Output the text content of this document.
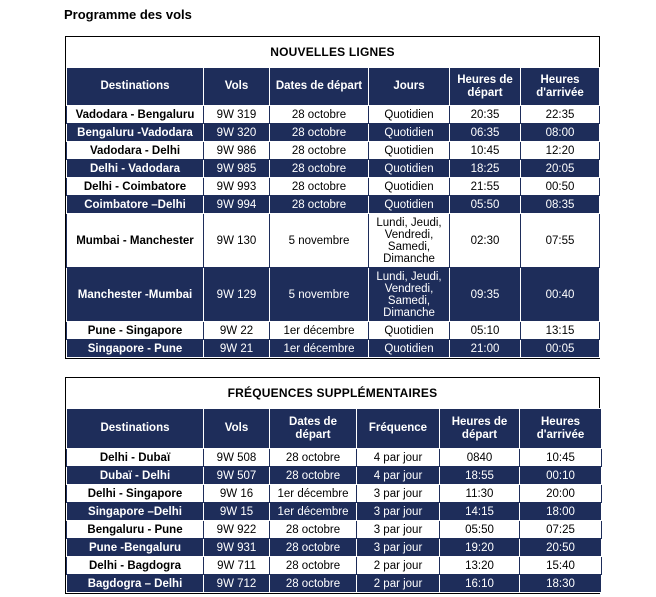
Programme des vols
NOUVELLES LIGNES
Destinations	Vols	Dates de départ	Jours	Heures de départ	Heures d'arrivée
Vadodara - Bengaluru	9W 319	28 octobre	Quotidien	20:35	22:35
Bengaluru -Vadodara	9W 320	28 octobre	Quotidien	06:35	08:00
Vadodara - Delhi	9W 986	28 octobre	Quotidien	10:45	12:20
Delhi - Vadodara	9W 985	28 octobre	Quotidien	18:25	20:05
Delhi - Coimbatore	9W 993	28 octobre	Quotidien	21:55	00:50
Coimbatore –Delhi	9W 994	28 octobre	Quotidien	05:50	08:35
Mumbai - Manchester	9W 130	5 novembre	Lundi, Jeudi,
Vendredi,
Samedi,
Dimanche	02:30	07:55
Manchester -Mumbai	9W 129	5 novembre	Lundi, Jeudi,
Vendredi,
Samedi,
Dimanche	09:35	00:40
Pune - Singapore	9W 22	1er décembre	Quotidien	05:10	13:15
Singapore - Pune	9W 21	1er décembre	Quotidien	21:00	00:05
FRÉQUENCES SUPPLÉMENTAIRES
Destinations	Vols	Dates de départ	Fréquence	Heures de départ	Heures d'arrivée
Delhi - Dubaï	9W 508	28 octobre	4 par jour	0840	10:45
Dubaï - Delhi	9W 507	28 octobre	4 par jour	18:55	00:10
Delhi - Singapore	9W 16	1er décembre	3 par jour	11:30	20:00
Singapore –Delhi	9W 15	1er décembre	3 par jour	14:15	18:00
Bengaluru - Pune	9W 922	28 octobre	3 par jour	05:50	07:25
Pune -Bengaluru	9W 931	28 octobre	3 par jour	19:20	20:50
Delhi - Bagdogra	9W 711	28 octobre	2 par jour	13:20	15:40
Bagdogra – Delhi	9W 712	28 octobre	2 par jour	16:10	18:30
